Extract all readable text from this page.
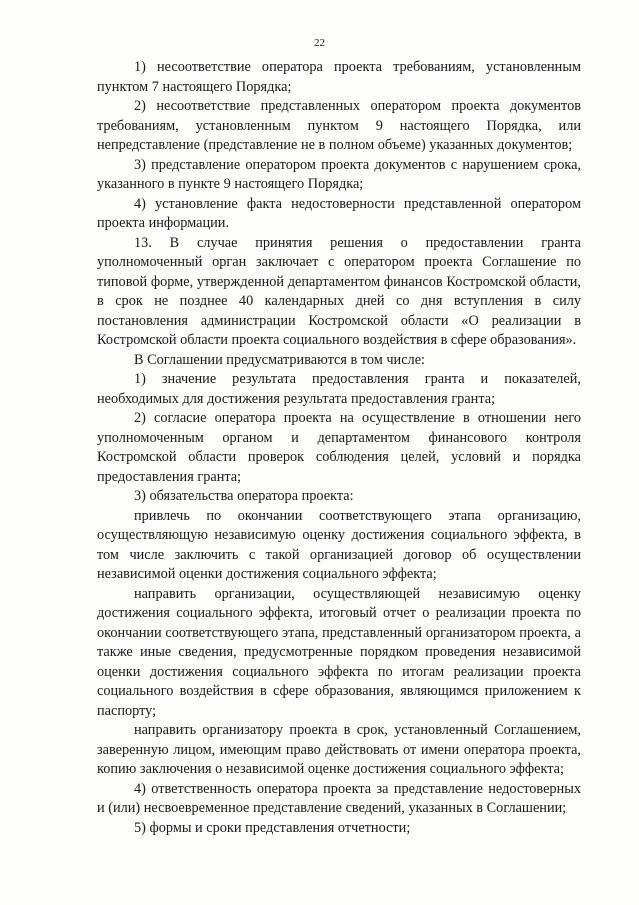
22

1) несоответствие оператора проекта требованиям, установленным пунктом 7 настоящего Порядка;

2) несоответствие представленных оператором проекта документов требованиям, установленным пунктом 9 настоящего Порядка, или непредставление (представление не в полном объеме) указанных документов;

3) представление оператором проекта документов с нарушением срока, указанного в пункте 9 настоящего Порядка;

4) установление факта недостоверности представленной оператором проекта информации.

13. В случае принятия решения о предоставлении гранта уполномоченный орган заключает с оператором проекта Соглашение по типовой форме, утвержденной департаментом финансов Костромской области, в срок не позднее 40 календарных дней со дня вступления в силу постановления администрации Костромской области «О реализации в Костромской области проекта социального воздействия в сфере образования».

В Соглашении предусматриваются в том числе:

1) значение результата предоставления гранта и показателей, необходимых для достижения результата предоставления гранта;

2) согласие оператора проекта на осуществление в отношении него уполномоченным органом и департаментом финансового контроля Костромской области проверок соблюдения целей, условий и порядка предоставления гранта;

3) обязательства оператора проекта:

привлечь по окончании соответствующего этапа организацию, осуществляющую независимую оценку достижения социального эффекта, в том числе заключить с такой организацией договор об осуществлении независимой оценки достижения социального эффекта;

направить организации, осуществляющей независимую оценку достижения социального эффекта, итоговый отчет о реализации проекта по окончании соответствующего этапа, представленный организатором проекта, а также иные сведения, предусмотренные порядком проведения независимой оценки достижения социального эффекта по итогам реализации проекта социального воздействия в сфере образования, являющимся приложением к паспорту;

направить организатору проекта в срок, установленный Соглашением, заверенную лицом, имеющим право действовать от имени оператора проекта, копию заключения о независимой оценке достижения социального эффекта;

4) ответственность оператора проекта за представление недостоверных и (или) несвоевременное представление сведений, указанных в Соглашении;

5) формы и сроки представления отчетности;
